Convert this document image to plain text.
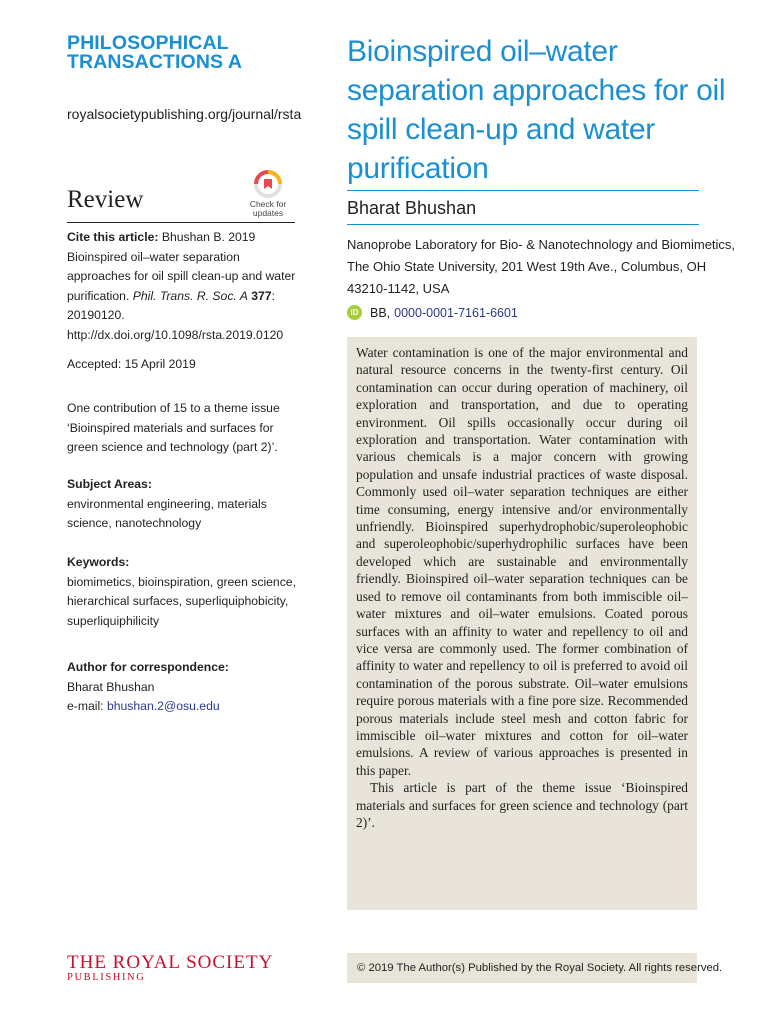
PHILOSOPHICAL
TRANSACTIONS A
royalsocietypublishing.org/journal/rsta
Review	Check for
updates
Cite this article: Bhushan B. 2019 Bioinspired oil–water separation approaches for oil spill clean-up and water purification. Phil. Trans. R. Soc. A 377: 20190120.
http://dx.doi.org/10.1098/rsta.2019.0120
Accepted: 15 April 2019
One contribution of 15 to a theme issue ‘Bioinspired materials and surfaces for green science and technology (part 2)’.
Subject Areas:
environmental engineering, materials science, nanotechnology
Keywords:
biomimetics, bioinspiration, green science, hierarchical surfaces, superliquiphobicity, superliquiphilicity
Author for correspondence:
Bharat Bhushan
e-mail: bhushan.2@osu.edu
Bioinspired oil–water
separation approaches for oil
spill clean-up and water
purification
Bharat Bhushan
Nanoprobe Laboratory for Bio- & Nanotechnology and Biomimetics,
The Ohio State University, 201 West 19th Ave., Columbus, OH
43210-1142, USA
iD BB, 0000-0001-7161-6601

Water contamination is one of the major environmental and natural resource concerns in the twenty-first century. Oil contamination can occur during operation of machinery, oil exploration and transportation, and due to operating environment. Oil spills occasionally occur during oil exploration and transportation. Water contamination with various chemicals is a major concern with growing population and unsafe industrial practices of waste disposal. Commonly used oil–water separation techniques are either time consuming, energy intensive and/or environmentally unfriendly. Bioinspired superhydrophobic/superoleophobic and superoleophobic/superhydrophilic surfaces have been developed which are sustainable and environmentally friendly. Bioinspired oil–water separation techniques can be used to remove oil contaminants from both immiscible oil–water mixtures and oil–water emulsions. Coated porous surfaces with an affinity to water and repellency to oil and vice versa are commonly used. The former combination of affinity to water and repellency to oil is preferred to avoid oil contamination of the porous substrate. Oil–water emulsions require porous materials with a fine pore size. Recommended porous materials include steel mesh and cotton fabric for immiscible oil–water mixtures and cotton for oil–water emulsions. A review of various approaches is presented in this paper.

This article is part of the theme issue ‘Bioinspired materials and surfaces for green science and technology (part 2)’.

THE ROYAL SOCIETY
PUBLISHING
© 2019 The Author(s) Published by the Royal Society. All rights reserved.
